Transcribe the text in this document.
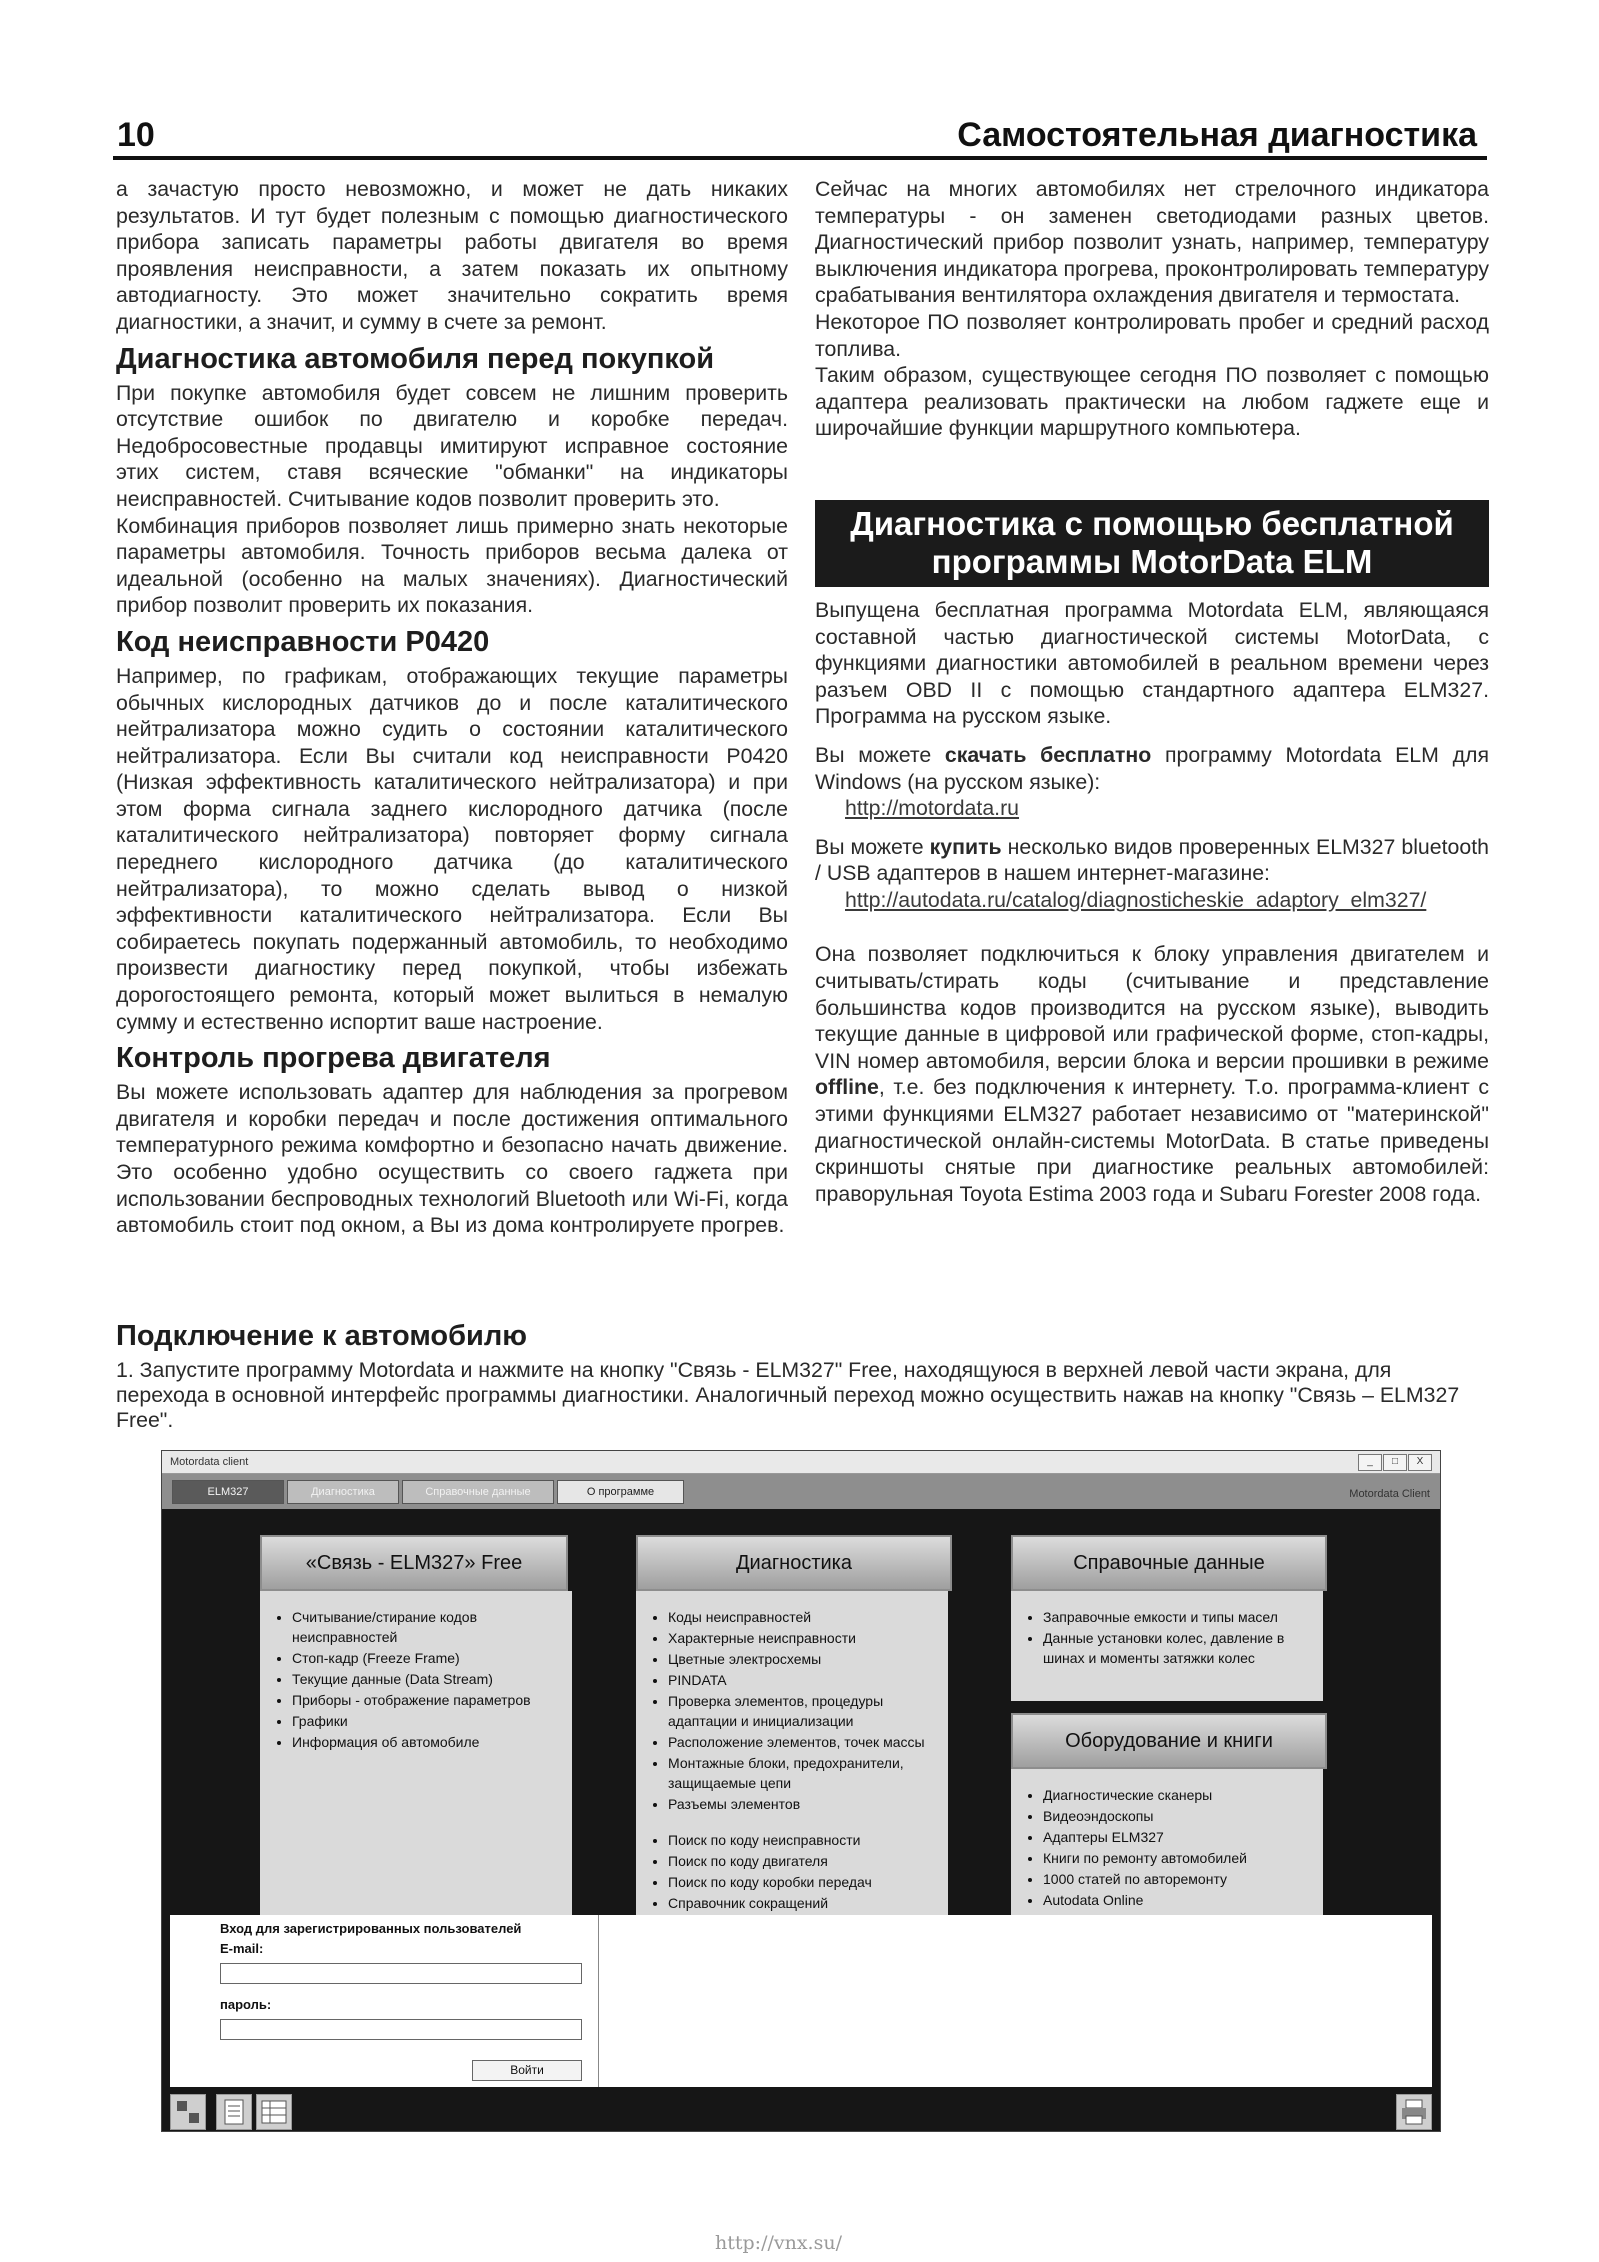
10	Самостоятельная диагностика

а зачастую просто невозможно, и может не дать никаких результатов. И тут будет полезным с помощью диагностического прибора записать параметры работы двигателя во время проявления неисправности, а затем показать их опытному автодиагносту. Это может значительно сократить время диагностики, а значит, и сумму в счете за ремонт.

Диагностика автомобиля перед покупкой

При покупке автомобиля будет совсем не лишним проверить отсутствие ошибок по двигателю и коробке передач. Недобросовестные продавцы имитируют исправное состояние этих систем, ставя всяческие "обманки" на индикаторы неисправностей. Считывание кодов позволит проверить это.

Комбинация приборов позволяет лишь примерно знать некоторые параметры автомобиля. Точность приборов весьма далека от идеальной (особенно на малых значениях). Диагностический прибор позволит проверить их показания.

Код неисправности P0420

Например, по графикам, отображающих текущие параметры обычных кислородных датчиков до и после каталитического нейтрализатора можно судить о состоянии каталитического нейтрализатора. Если Вы считали код неисправности P0420 (Низкая эффективность каталитического нейтрализатора) и при этом форма сигнала заднего кислородного датчика (после каталитического нейтрализатора) повторяет форму сигнала переднего кислородного датчика (до каталитического нейтрализатора), то можно сделать вывод о низкой эффективности каталитического нейтрализатора. Если Вы собираетесь покупать подержанный автомобиль, то необходимо произвести диагностику перед покупкой, чтобы избежать дорогостоящего ремонта, который может вылиться в немалую сумму и естественно испортит ваше настроение.

Контроль прогрева двигателя

Вы можете использовать адаптер для наблюдения за прогревом двигателя и коробки передач и после достижения оптимального температурного режима комфортно и безопасно начать движение. Это особенно удобно осуществить со своего гаджета при использовании беспроводных технологий Bluetooth или Wi-Fi, когда автомобиль стоит под окном, а Вы из дома контролируете прогрев.

Сейчас на многих автомобилях нет стрелочного индикатора температуры - он заменен светодиодами разных цветов. Диагностический прибор позволит узнать, например, температуру выключения индикатора прогрева, проконтролировать температуру срабатывания вентилятора охлаждения двигателя и термостата.

Некоторое ПО позволяет контролировать пробег и средний расход топлива.

Таким образом, существующее сегодня ПО позволяет с помощью адаптера реализовать практически на любом гаджете еще и широчайшие функции маршрутного компьютера.

Диагностика с помощью бесплатной программы MotorData ELM

Выпущена бесплатная программа Motordata ELM, являющаяся составной частью диагностической системы MotorData, с функциями диагностики автомобилей в реальном времени через разъем OBD II с помощью стандартного адаптера ELM327. Программа на русском языке.

Вы можете скачать бесплатно программу Motordata ELM для Windows (на русском языке):

http://motordata.ru

Вы можете купить несколько видов проверенных ELM327 bluetooth / USB адаптеров в нашем интернет-магазине:

http://autodata.ru/catalog/diagnosticheskie_adaptory_elm327/

Она позволяет подключиться к блоку управления двигателем и считывать/стирать коды (считывание и представление большинства кодов производится на русском языке), выводить текущие данные в цифровой или графической форме, стоп-кадры, VIN номер автомобиля, версии блока и версии прошивки в режиме offline, т.е. без подключения к интернету. Т.о. программа-клиент с этими функциями ELM327 работает независимо от "материнской" диагностической онлайн-системы MotorData. В статье приведены скриншоты снятые при диагностике реальных автомобилей: праворульная Toyota Estima 2003 года и Subaru Forester 2008 года.

Подключение к автомобилю
1. Запустите программу Motordata и нажмите на кнопку "Связь - ELM327" Free, находящуюся в верхней левой части экрана, для перехода в основной интерфейс программы диагностики. Аналогичный переход можно осуществить нажав на кнопку "Связь – ELM327 Free".
Motordata client	_	□	X
ELM327	Диагностика	Справочные данные	О программе	Motordata Client
«Связь - ELM327» Free	Диагностика	Справочные данные
• Считывание/стирание кодов неисправностей
• Стоп-кадр (Freeze Frame)
• Текущие данные (Data Stream)
• Приборы - отображение параметров
• Графики
• Информация об автомобиле
• Коды неисправностей
• Характерные неисправности
• Цветные электросхемы
• PINDATA
• Проверка элементов, процедуры адаптации и инициализации
• Расположение элементов, точек массы
• Монтажные блоки, предохранители, защищаемые цепи
• Разъемы элементов
• Поиск по коду неисправности
• Поиск по коду двигателя
• Поиск по коду коробки передач
• Справочник сокращений
• Заправочные емкости и типы масел
• Данные установки колес, давление в шинах и моменты затяжки колес
Оборудование и книги
• Диагностические сканеры
• Видеоэндоскопы
• Адаптеры ELM327
• Книги по ремонту автомобилей
• 1000 статей по авторемонту
• Autodata Online
Вход для зарегистрированных пользователей
E-mail:
пароль:
Войти
http://vnx.su/
